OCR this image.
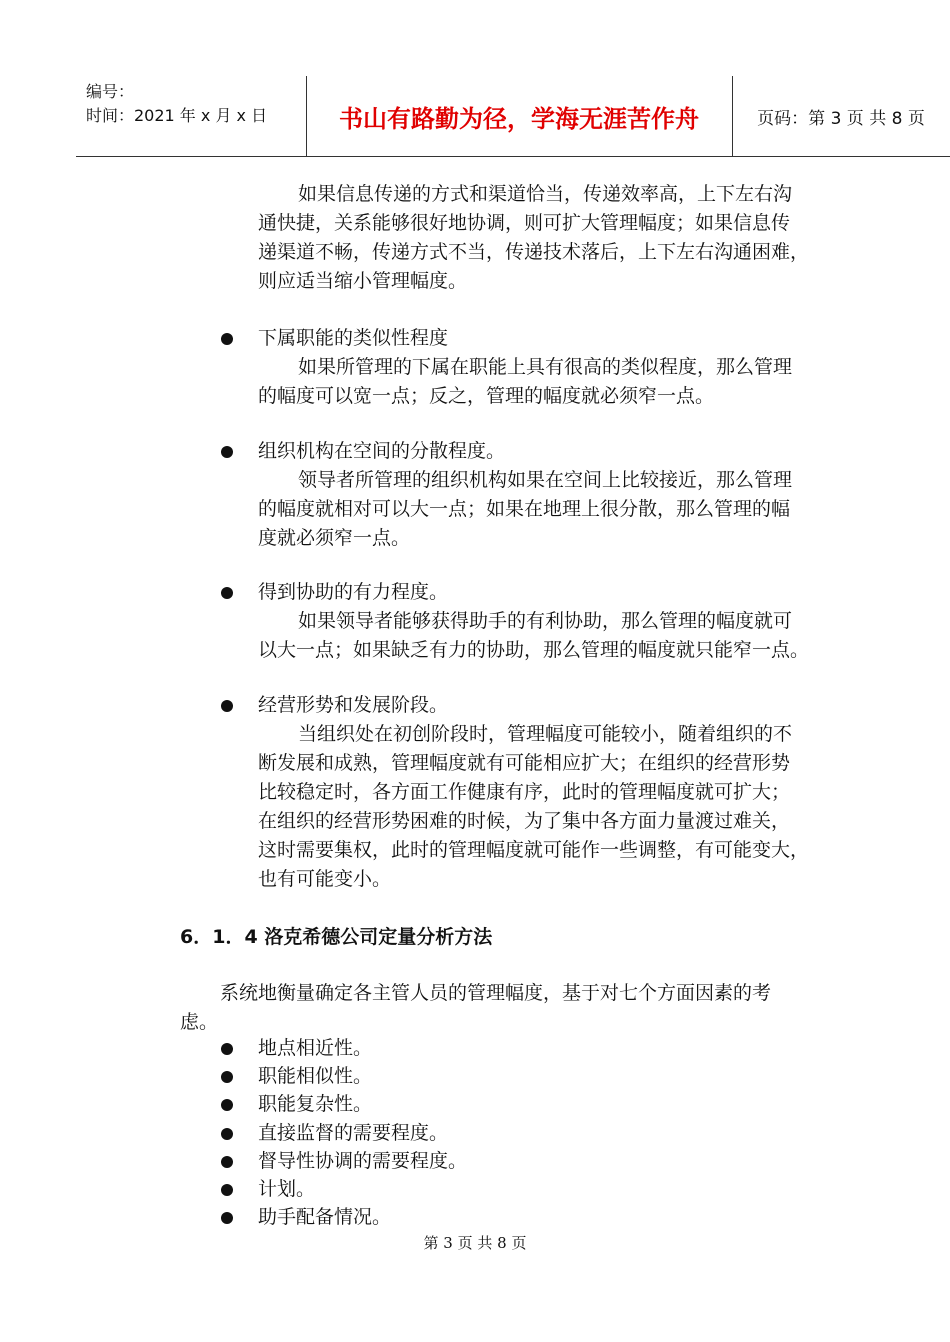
编号：
时间：2021 年 x 月 x 日	书山有路勤为径，学海无涯苦作舟	页码：第 3 页 共 8 页
如果信息传递的方式和渠道恰当，传递效率高，上下左右沟
通快捷，关系能够很好地协调，则可扩大管理幅度；如果信息传
递渠道不畅，传递方式不当，传递技术落后，上下左右沟通困难，
则应适当缩小管理幅度。
下属职能的类似性程度
如果所管理的下属在职能上具有很高的类似程度，那么管理
的幅度可以宽一点；反之，管理的幅度就必须窄一点。
组织机构在空间的分散程度。
领导者所管理的组织机构如果在空间上比较接近，那么管理
的幅度就相对可以大一点；如果在地理上很分散，那么管理的幅
度就必须窄一点。
得到协助的有力程度。
如果领导者能够获得助手的有利协助，那么管理的幅度就可
以大一点；如果缺乏有力的协助，那么管理的幅度就只能窄一点。
经营形势和发展阶段。
当组织处在初创阶段时，管理幅度可能较小，随着组织的不
断发展和成熟，管理幅度就有可能相应扩大；在组织的经营形势
比较稳定时，各方面工作健康有序，此时的管理幅度就可扩大；
在组织的经营形势困难的时候，为了集中各方面力量渡过难关，
这时需要集权，此时的管理幅度就可能作一些调整，有可能变大，
也有可能变小。
6．1．4 洛克希德公司定量分析方法
系统地衡量确定各主管人员的管理幅度，基于对七个方面因素的考
虑。
地点相近性。
职能相似性。
职能复杂性。
直接监督的需要程度。
督导性协调的需要程度。
计划。
助手配备情况。
第 3 页 共 8 页
